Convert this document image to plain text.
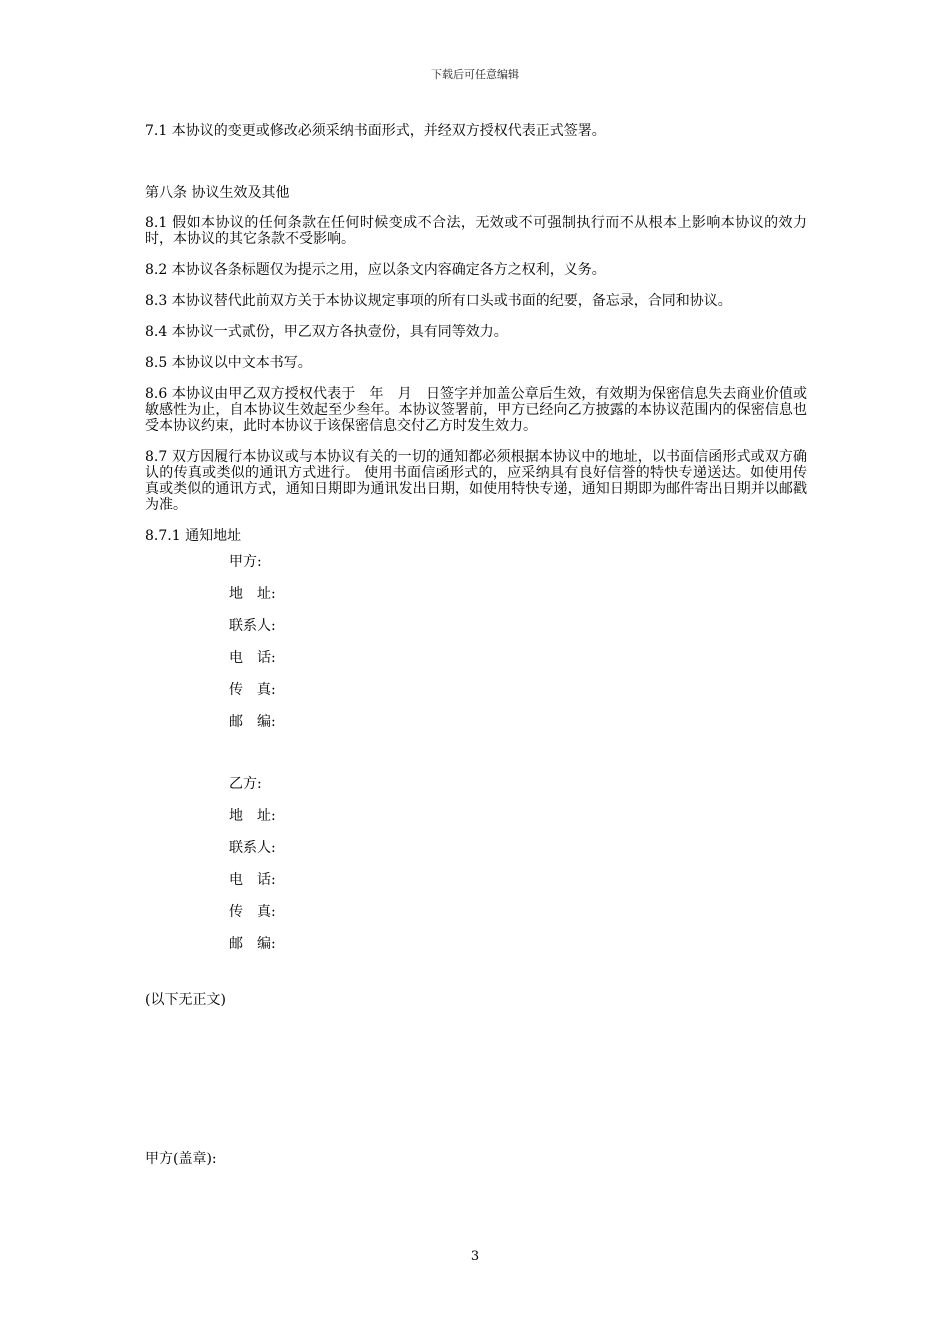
下载后可任意编辑

7.1 本协议的变更或修改必须采纳书面形式，并经双方授权代表正式签署。

第八条 协议生效及其他

8.1 假如本协议的任何条款在任何时候变成不合法，无效或不可强制执行而不从根本上影响本协议的效力时，本协议的其它条款不受影响。

8.2 本协议各条标题仅为提示之用，应以条文内容确定各方之权利，义务。

8.3 本协议替代此前双方关于本协议规定事项的所有口头或书面的纪要，备忘录，合同和协议。

8.4 本协议一式贰份，甲乙双方各执壹份，具有同等效力。

8.5 本协议以中文本书写。

8.6 本协议由甲乙双方授权代表于　年　月　日签字并加盖公章后生效，有效期为保密信息失去商业价值或敏感性为止，自本协议生效起至少叁年。本协议签署前，甲方已经向乙方披露的本协议范围内的保密信息也受本协议约束，此时本协议于该保密信息交付乙方时发生效力。

8.7 双方因履行本协议或与本协议有关的一切的通知都必须根据本协议中的地址，以书面信函形式或双方确认的传真或类似的通讯方式进行。 使用书面信函形式的，应采纳具有良好信誉的特快专递送达。如使用传真或类似的通讯方式，通知日期即为通讯发出日期，如使用特快专递，通知日期即为邮件寄出日期并以邮戳为准。

8.7.1 通知地址

甲方:
地　址:
联系人:
电　话:
传　真:
邮　编:
乙方:
地　址:
联系人:
电　话:
传　真:
邮　编:

(以下无正文)

甲方(盖章):
3
